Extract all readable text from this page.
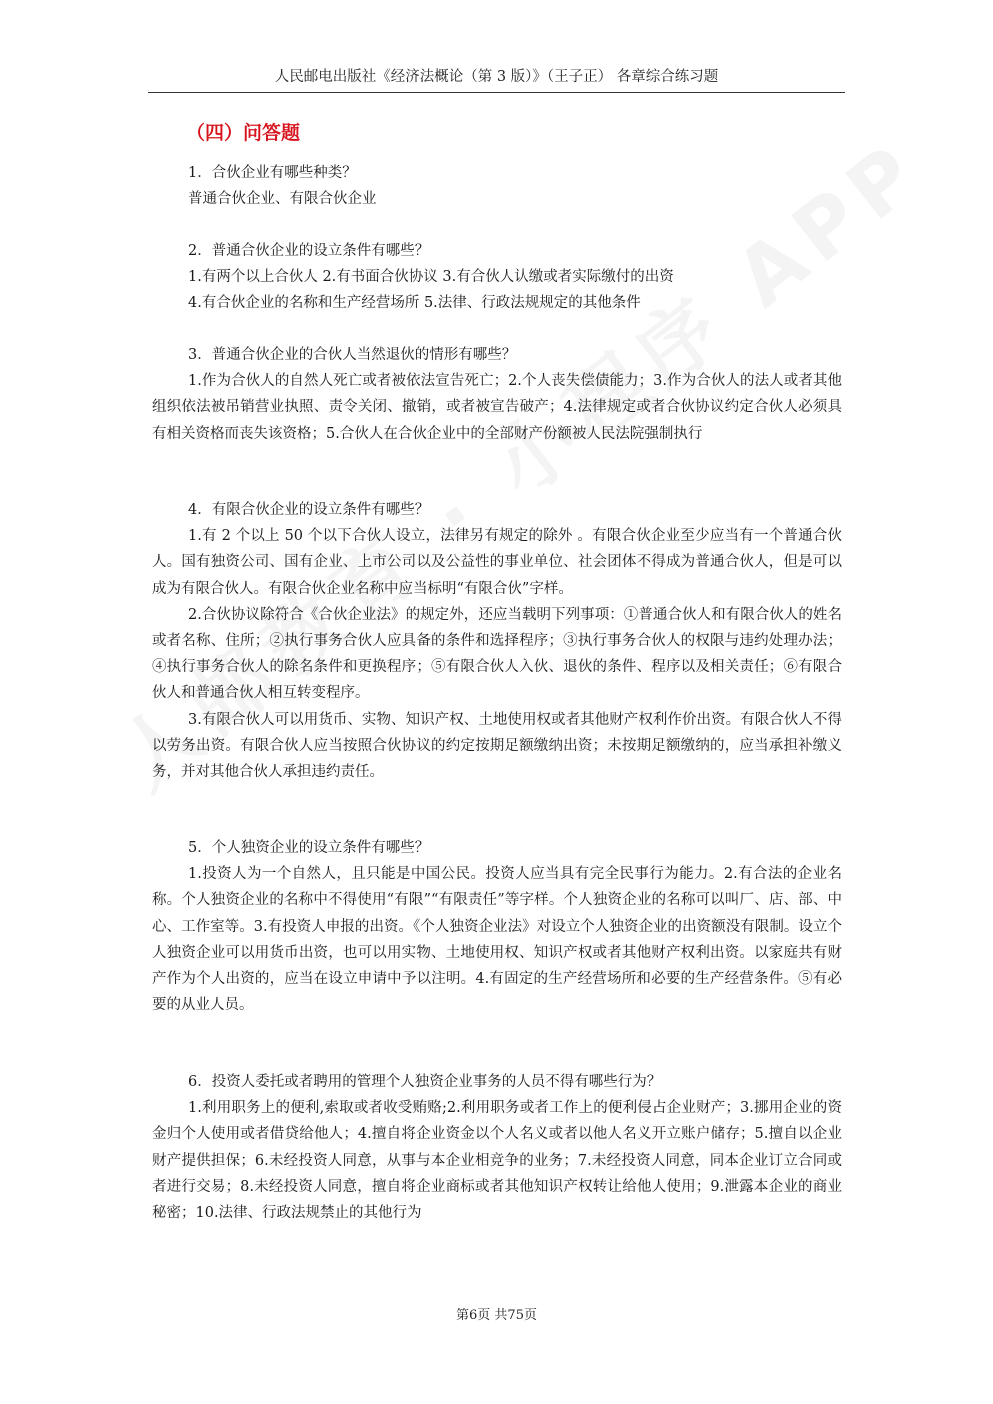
人民邮电出版社《经济法概论（第 3 版）》（王子正） 各章综合练习题
（四）问答题

1．合伙企业有哪些种类？

普通合伙企业、有限合伙企业

2．普通合伙企业的设立条件有哪些？

1.有两个以上合伙人 2.有书面合伙协议 3.有合伙人认缴或者实际缴付的出资

4.有合伙企业的名称和生产经营场所 5.法律、行政法规规定的其他条件

3．普通合伙企业的合伙人当然退伙的情形有哪些？

1.作为合伙人的自然人死亡或者被依法宣告死亡；2.个人丧失偿债能力；3.作为合伙人的法人或者其他组织依法被吊销营业执照、责令关闭、撤销，或者被宣告破产；4.法律规定或者合伙协议约定合伙人必须具有相关资格而丧失该资格；5.合伙人在合伙企业中的全部财产份额被人民法院强制执行

4．有限合伙企业的设立条件有哪些？

1.有 2 个以上 50 个以下合伙人设立，法律另有规定的除外 。有限合伙企业至少应当有一个普通合伙人。国有独资公司、国有企业、上市公司以及公益性的事业单位、社会团体不得成为普通合伙人，但是可以成为有限合伙人。有限合伙企业名称中应当标明“有限合伙”字样。

2.合伙协议除符合《合伙企业法》的规定外，还应当载明下列事项：①普通合伙人和有限合伙人的姓名或者名称、住所；②执行事务合伙人应具备的条件和选择程序；③执行事务合伙人的权限与违约处理办法；④执行事务合伙人的除名条件和更换程序；⑤有限合伙人入伙、退伙的条件、程序以及相关责任；⑥有限合伙人和普通合伙人相互转变程序。

3.有限合伙人可以用货币、实物、知识产权、土地使用权或者其他财产权利作价出资。有限合伙人不得以劳务出资。有限合伙人应当按照合伙协议的约定按期足额缴纳出资；未按期足额缴纳的，应当承担补缴义务，并对其他合伙人承担违约责任。

5．个人独资企业的设立条件有哪些？

1.投资人为一个自然人，且只能是中国公民。投资人应当具有完全民事行为能力。2.有合法的企业名称。个人独资企业的名称中不得使用“有限”“有限责任”等字样。个人独资企业的名称可以叫厂、店、部、中心、工作室等。3.有投资人申报的出资。《个人独资企业法》对设立个人独资企业的出资额没有限制。设立个人独资企业可以用货币出资，也可以用实物、土地使用权、知识产权或者其他财产权利出资。以家庭共有财产作为个人出资的，应当在设立申请中予以注明。4.有固定的生产经营场所和必要的生产经营条件。⑤有必要的从业人员。

6．投资人委托或者聘用的管理个人独资企业事务的人员不得有哪些行为？

1.利用职务上的便利,索取或者收受贿赂;2.利用职务或者工作上的便利侵占企业财产；3.挪用企业的资金归个人使用或者借贷给他人；4.擅自将企业资金以个人名义或者以他人名义开立账户储存；5.擅自以企业财产提供担保；6.未经投资人同意，从事与本企业相竞争的业务；7.未经投资人同意，同本企业订立合同或者进行交易；8.未经投资人同意，擅自将企业商标或者其他知识产权转让给他人使用；9.泄露本企业的商业秘密；10.法律、行政法规禁止的其他行为

第6页 共75页
